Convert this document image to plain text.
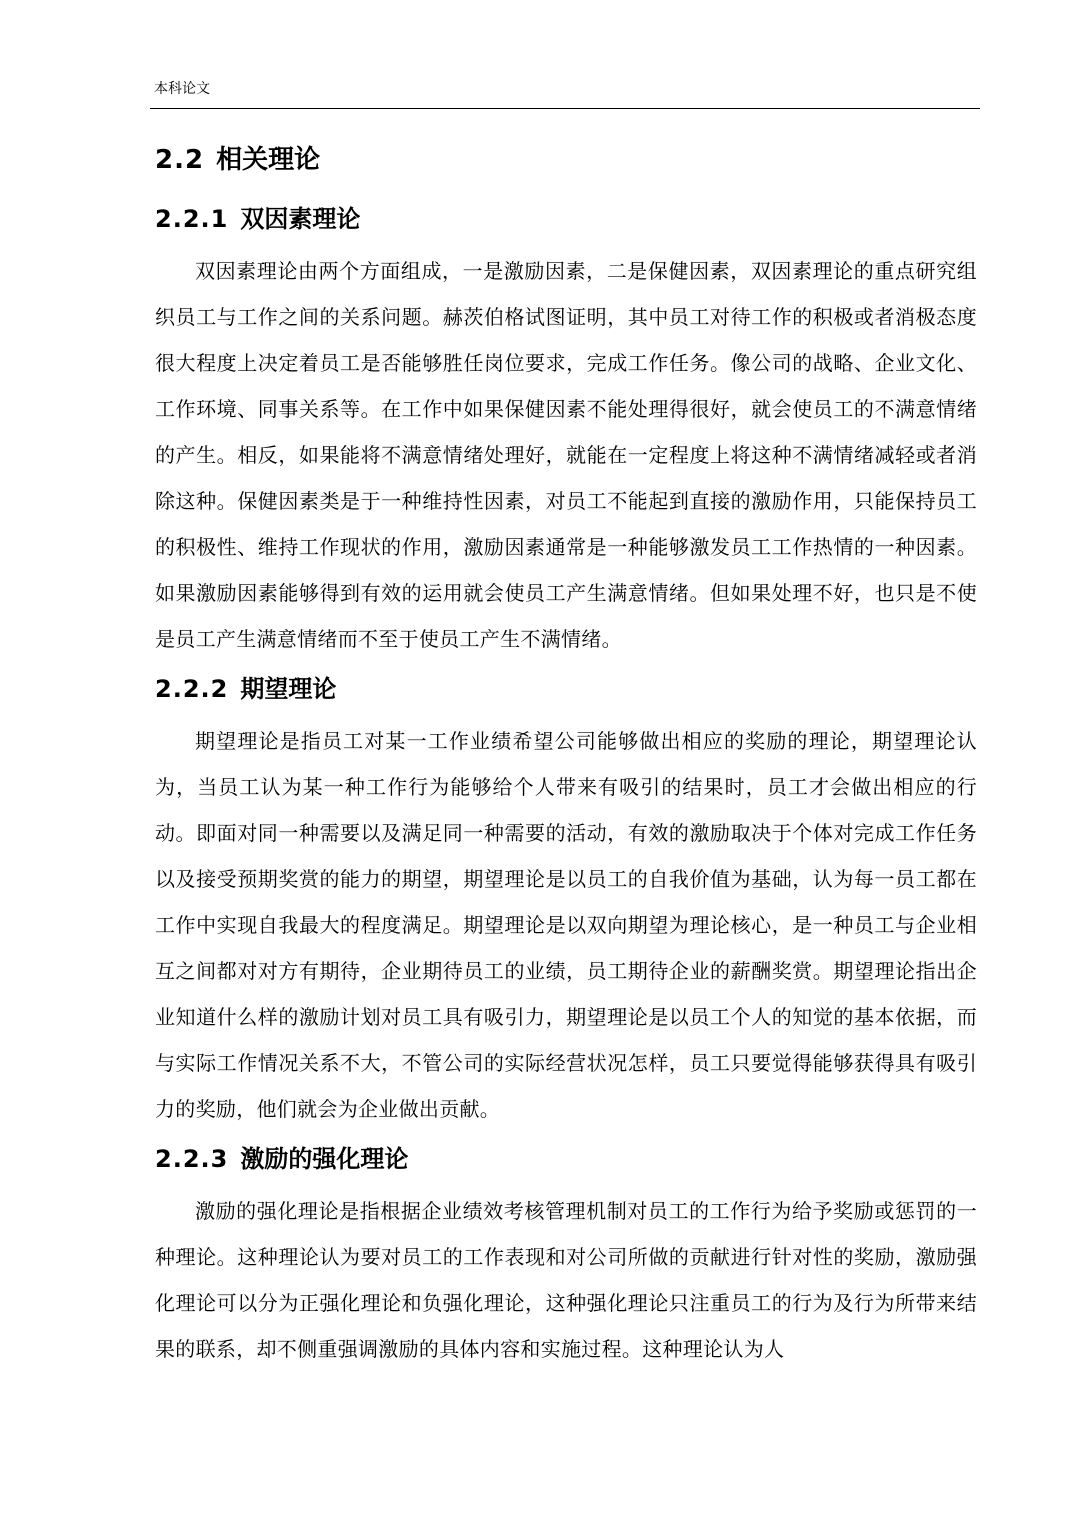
本科论文
2.2 相关理论
2.2.1 双因素理论

双因素理论由两个方面组成，一是激励因素，二是保健因素，双因素理论的重点研究组织员工与工作之间的关系问题。赫茨伯格试图证明，其中员工对待工作的积极或者消极态度很大程度上决定着员工是否能够胜任岗位要求，完成工作任务。像公司的战略、企业文化、工作环境、同事关系等。在工作中如果保健因素不能处理得很好，就会使员工的不满意情绪的产生。相反，如果能将不满意情绪处理好，就能在一定程度上将这种不满情绪减轻或者消除这种。保健因素类是于一种维持性因素，对员工不能起到直接的激励作用，只能保持员工的积极性、维持工作现状的作用，激励因素通常是一种能够激发员工工作热情的一种因素。如果激励因素能够得到有效的运用就会使员工产生满意情绪。但如果处理不好，也只是不使是员工产生满意情绪而不至于使员工产生不满情绪。

2.2.2 期望理论

期望理论是指员工对某一工作业绩希望公司能够做出相应的奖励的理论，期望理论认为，当员工认为某一种工作行为能够给个人带来有吸引的结果时，员工才会做出相应的行动。即面对同一种需要以及满足同一种需要的活动，有效的激励取决于个体对完成工作任务以及接受预期奖赏的能力的期望，期望理论是以员工的自我价值为基础，认为每一员工都在工作中实现自我最大的程度满足。期望理论是以双向期望为理论核心，是一种员工与企业相互之间都对对方有期待，企业期待员工的业绩，员工期待企业的薪酬奖赏。期望理论指出企业知道什么样的激励计划对员工具有吸引力，期望理论是以员工个人的知觉的基本依据，而与实际工作情况关系不大，不管公司的实际经营状况怎样，员工只要觉得能够获得具有吸引力的奖励，他们就会为企业做出贡献。

2.2.3 激励的强化理论

激励的强化理论是指根据企业绩效考核管理机制对员工的工作行为给予奖励或惩罚的一种理论。这种理论认为要对员工的工作表现和对公司所做的贡献进行针对性的奖励，激励强化理论可以分为正强化理论和负强化理论，这种强化理论只注重员工的行为及行为所带来结果的联系，却不侧重强调激励的具体内容和实施过程。这种理论认为人
